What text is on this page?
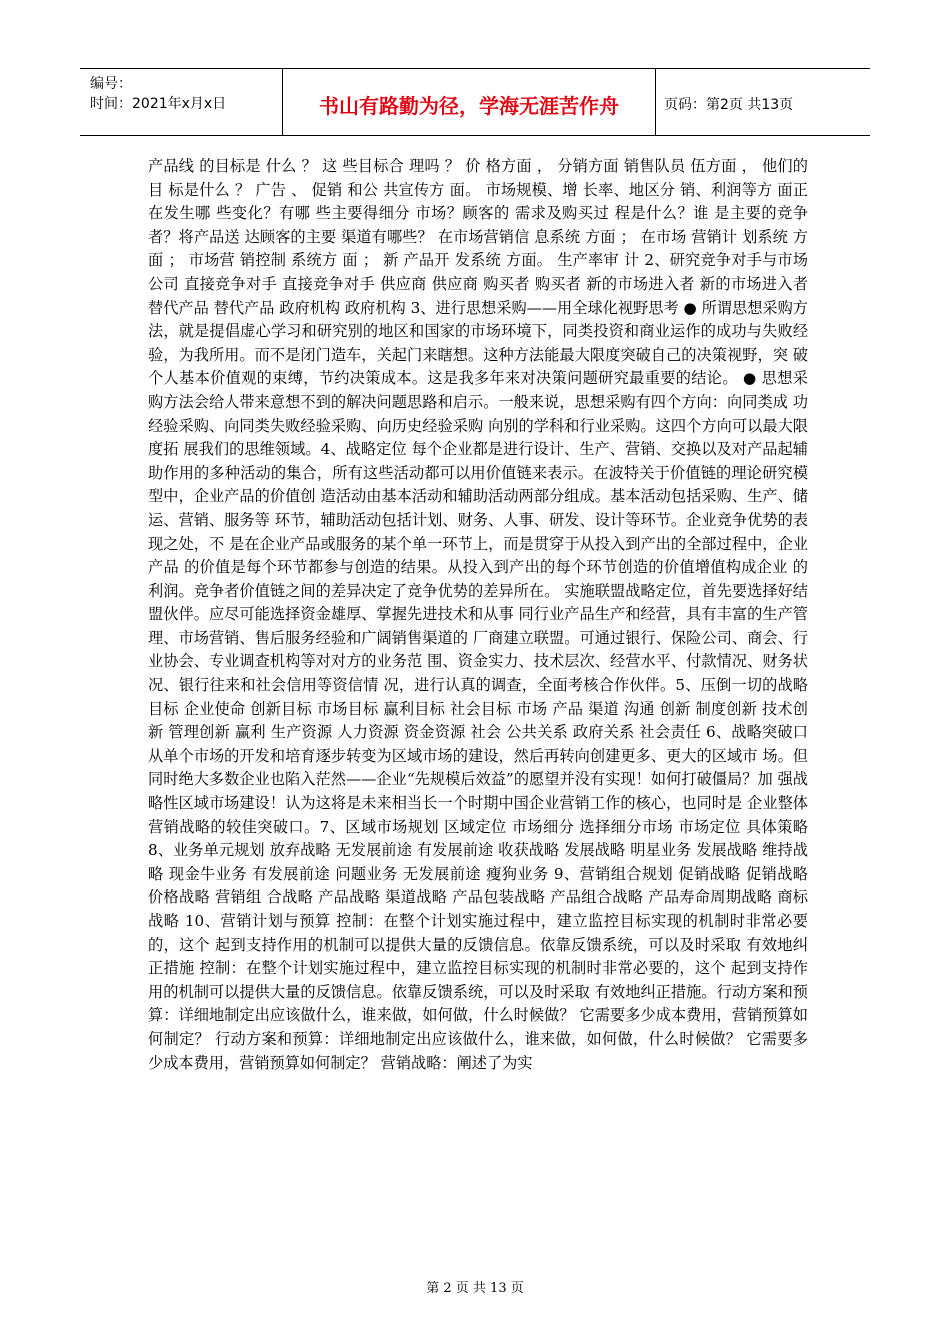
编号：
时间：2021年x月x日	书山有路勤为径，学海无涯苦作舟	页码：第2页 共13页
产品线 的目标是 什么 ？ 这 些目标合 理吗 ？ 价 格方面 ， 分销方面 销售队员 伍方面 ， 他们的目 标是什么 ？ 广告 、 促销 和公 共宣传方 面。 市场规模、增 长率、地区分 销、利润等方 面正在发生哪 些变化？有哪 些主要得细分 市场？顾客的 需求及购买过 程是什么？谁 是主要的竞争 者？将产品送 达顾客的主要 渠道有哪些？ 在市场营销信 息系统 方面 ； 在市场 营销计 划系统 方面 ； 市场营 销控制 系统方 面 ； 新 产品开 发系统 方面。 生产率审 计 2、研究竞争对手与市场 公司 直接竞争对手 直接竞争对手 供应商 供应商 购买者 购买者 新的市场进入者 新的市场进入者 替代产品 替代产品 政府机构 政府机构 3、进行思想采购——用全球化视野思考 ● 所谓思想采购方法，就是提倡虚心学习和研究别的地区和国家的市场环境下，同类投资和商业运作的成功与失败经验，为我所用。而不是闭门造车，关起门来瞎想。这种方法能最大限度突破自己的决策视野，突 破个人基本价值观的束缚，节约决策成本。这是我多年来对决策问题研究最重要的结论。 ● 思想采购方法会给人带来意想不到的解决问题思路和启示。一般来说，思想采购有四个方向：向同类成 功经验采购、向同类失败经验采购、向历史经验采购 向别的学科和行业采购。这四个方向可以最大限度拓 展我们的思维领域。4、战略定位 每个企业都是进行设计、生产、营销、交换以及对产品起辅助作用的多种活动的集合，所有这些活动都可以用价值链来表示。在波特关于价值链的理论研究模型中，企业产品的价值创 造活动由基本活动和辅助活动两部分组成。基本活动包括采购、生产、储运、营销、服务等 环节，辅助活动包括计划、财务、人事、研发、设计等环节。企业竞争优势的表现之处，不 是在企业产品或服务的某个单一环节上，而是贯穿于从投入到产出的全部过程中，企业产品 的价值是每个环节都参与创造的结果。从投入到产出的每个环节创造的价值增值构成企业 的利润。竞争者价值链之间的差异决定了竞争优势的差异所在。 实施联盟战略定位，首先要选择好结盟伙伴。应尽可能选择资金雄厚、掌握先进技术和从事 同行业产品生产和经营，具有丰富的生产管理、市场营销、售后服务经验和广阔销售渠道的 厂商建立联盟。可通过银行、保险公司、商会、行业协会、专业调查机构等对对方的业务范 围、资金实力、技术层次、经营水平、付款情况、财务状况、银行往来和社会信用等资信情 况，进行认真的调查，全面考核合作伙伴。5、压倒一切的战略目标 企业使命 创新目标 市场目标 赢利目标 社会目标 市场 产品 渠道 沟通 创新 制度创新 技术创新 管理创新 赢利 生产资源 人力资源 资金资源 社会 公共关系 政府关系 社会责任 6、战略突破口 从单个市场的开发和培育逐步转变为区域市场的建设，然后再转向创建更多、更大的区域市 场。但同时绝大多数企业也陷入茫然——企业“先规模后效益”的愿望并没有实现！如何打破僵局？加 强战略性区域市场建设！认为这将是未来相当长一个时期中国企业营销工作的核心，也同时是 企业整体营销战略的较佳突破口。7、区域市场规划 区域定位 市场细分 选择细分市场 市场定位 具体策略 8、业务单元规划 放弃战略 无发展前途 有发展前途 收获战略 发展战略 明星业务 发展战略 维持战略 现金牛业务 有发展前途 问题业务 无发展前途 瘦狗业务 9、营销组合规划 促销战略 促销战略 价格战略 营销组 合战略 产品战略 渠道战略 产品包装战略 产品组合战略 产品寿命周期战略 商标战略 10、营销计划与预算 控制：在整个计划实施过程中，建立监控目标实现的机制时非常必要的，这个 起到支持作用的机制可以提供大量的反馈信息。依靠反馈系统，可以及时采取 有效地纠正措施 控制：在整个计划实施过程中，建立监控目标实现的机制时非常必要的，这个 起到支持作用的机制可以提供大量的反馈信息。依靠反馈系统，可以及时采取 有效地纠正措施。行动方案和预算：详细地制定出应该做什么，谁来做，如何做，什么时候做？ 它需要多少成本费用，营销预算如何制定？ 行动方案和预算：详细地制定出应该做什么，谁来做，如何做，什么时候做？ 它需要多少成本费用，营销预算如何制定？ 营销战略：阐述了为实
第 2 页 共 13 页
